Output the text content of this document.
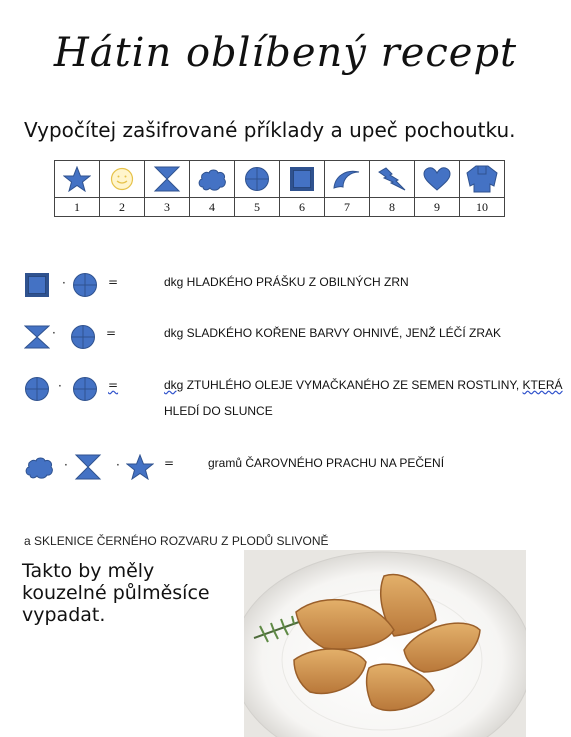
Hátin oblíbený recept
Vypočítej zašifrované příklady a upeč pochoutku.

1	2	3	4	5	6	7	8	9	10
·	=	dkg HLADKÉHO PRÁŠKU Z OBILNÝCH ZRN
·	=	dkg SLADKÉHO KOŘENE BARVY OHNIVÉ, JENŽ LÉČÍ ZRAK
·	=	dkg ZTUHLÉHO OLEJE VYMAČKANÉHO ZE SEMEN ROSTLINY, KTERÁ
HLEDÍ DO SLUNCE
·	·	=	gramů ČAROVNÉHO PRACHU NA PEČENÍ
a SKLENICE ČERNÉHO ROZVARU Z PLODŮ SLIVONĚ
Takto by měly
kouzelné půlměsíce
vypadat.
